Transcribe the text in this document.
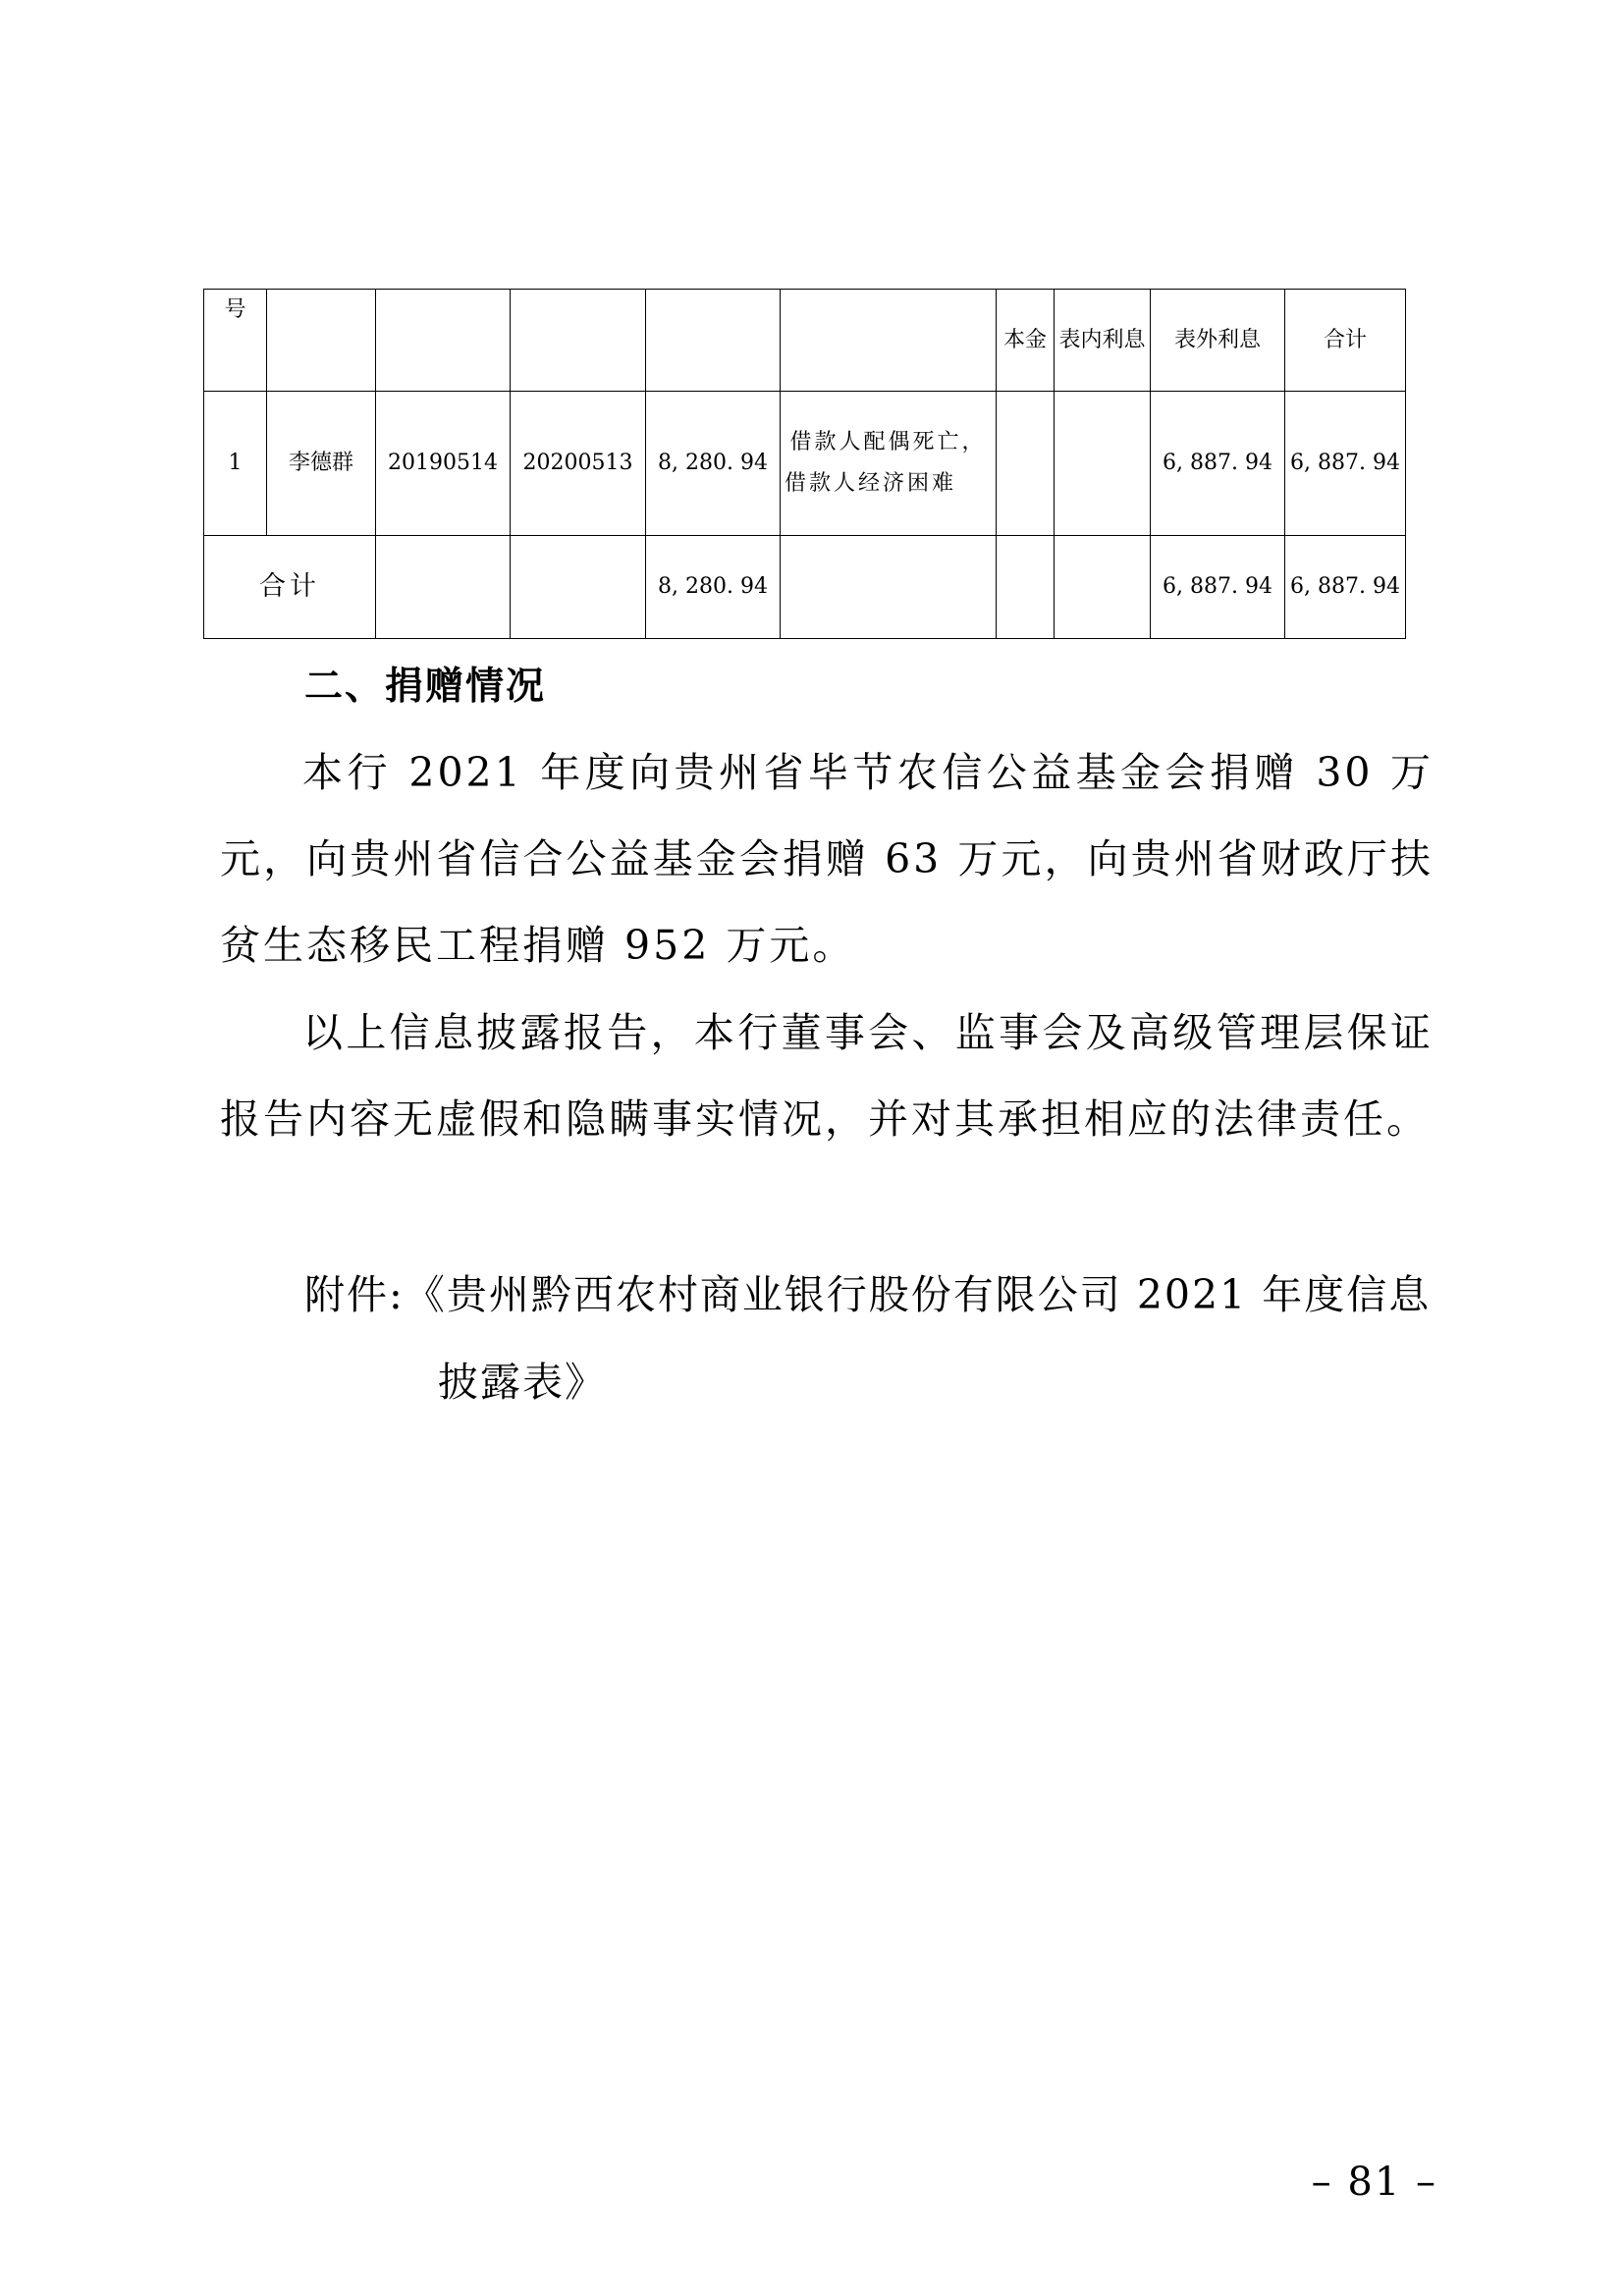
号						本金	表内利息	表外利息	合计
1	李德群	20190514	20200513	8, 280. 94	借款人配偶死亡，借款人经济困难			6, 887. 94	6, 887. 94
合计				8, 280. 94				6, 887. 94	6, 887. 94
二、捐赠情况

本行 2021 年度向贵州省毕节农信公益基金会捐赠 30 万元，向贵州省信合公益基金会捐赠 63 万元，向贵州省财政厅扶贫生态移民工程捐赠 952 万元。

以上信息披露报告，本行董事会、监事会及高级管理层保证报告内容无虚假和隐瞒事实情况，并对其承担相应的法律责任。

附件:《贵州黔西农村商业银行股份有限公司 2021 年度信息
披露表》
– 81 –
